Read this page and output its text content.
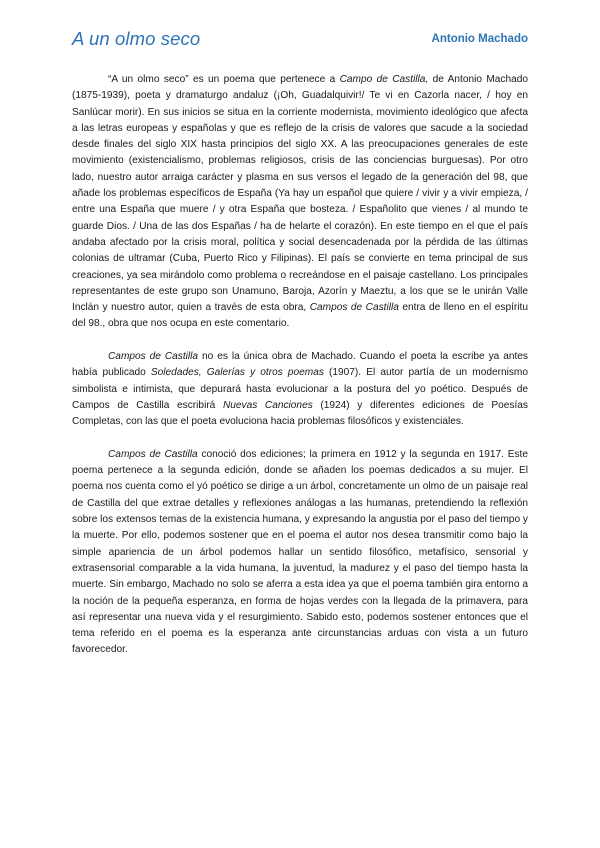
A un olmo seco	Antonio Machado

“A un olmo seco” es un poema que pertenece a Campo de Castilla, de Antonio Machado (1875-1939), poeta y dramaturgo andaluz (¡Oh, Guadalquivir!/ Te vi en Cazorla nacer, / hoy en Sanlúcar morir). En sus inicios se situa en la corriente modernista, movimiento ideológico que afecta a las letras europeas y españolas y que es reflejo de la crisis de valores que sacude a la sociedad desde finales del siglo XIX hasta principios del siglo XX. A las preocupaciones generales de este movimiento (existencialismo, problemas religiosos, crisis de las conciencias burguesas). Por otro lado, nuestro autor arraiga carácter y plasma en sus versos el legado de la generación del 98, que añade los problemas específicos de España (Ya hay un español que quiere / vivir y a vivir empieza, / entre una España que muere / y otra España que bosteza. / Españolito que vienes / al mundo te guarde Dios. / Una de las dos Españas / ha de helarte el corazón). En este tiempo en el que el país andaba afectado por la crisis moral, política y social desencadenada por la pérdida de las últimas colonias de ultramar (Cuba, Puerto Rico y Filipinas). El país se convierte en tema principal de sus creaciones, ya sea mirándolo como problema o recreándose en el paisaje castellano. Los principales representantes de este grupo son Unamuno, Baroja, Azorín y Maeztu, a los que se le unirán Valle Inclán y nuestro autor, quien a través de esta obra, Campos de Castilla entra de lleno en el espíritu del 98., obra que nos ocupa en este comentario.

Campos de Castilla no es la única obra de Machado. Cuando el poeta la escribe ya antes había publicado Soledades, Galerías y otros poemas (1907). El autor partía de un modernismo simbolista e intimista, que depurará hasta evolucionar a la postura del yo poético. Después de Campos de Castilla escribirá Nuevas Canciones (1924) y diferentes ediciones de Poesías Completas, con las que el poeta evoluciona hacia problemas filosóficos y existenciales.

Campos de Castilla conoció dos ediciones; la primera en 1912 y la segunda en 1917. Este poema pertenece a la segunda edición, donde se añaden los poemas dedicados a su mujer. El poema nos cuenta como el yó poético se dirige a un árbol, concretamente un olmo de un paisaje real de Castilla del que extrae detalles y reflexiones análogas a las humanas, pretendiendo la reflexión sobre los extensos temas de la existencia humana, y expresando la angustia por el paso del tiempo y la muerte. Por ello, podemos sostener que en el poema el autor nos desea transmitir como bajo la simple apariencia de un árbol podemos hallar un sentido filosófico, metafísico, sensorial y extrasensorial comparable a la vida humana, la juventud, la madurez y el paso del tiempo hasta la muerte. Sin embargo, Machado no solo se aferra a esta idea ya que el poema también gira entorno a la noción de la pequeña esperanza, en forma de hojas verdes con la llegada de la primavera, para así representar una nueva vida y el resurgimiento. Sabido esto, podemos sostener entonces que el tema referido en el poema es la esperanza ante circunstancias arduas con vista a un futuro favorecedor.
